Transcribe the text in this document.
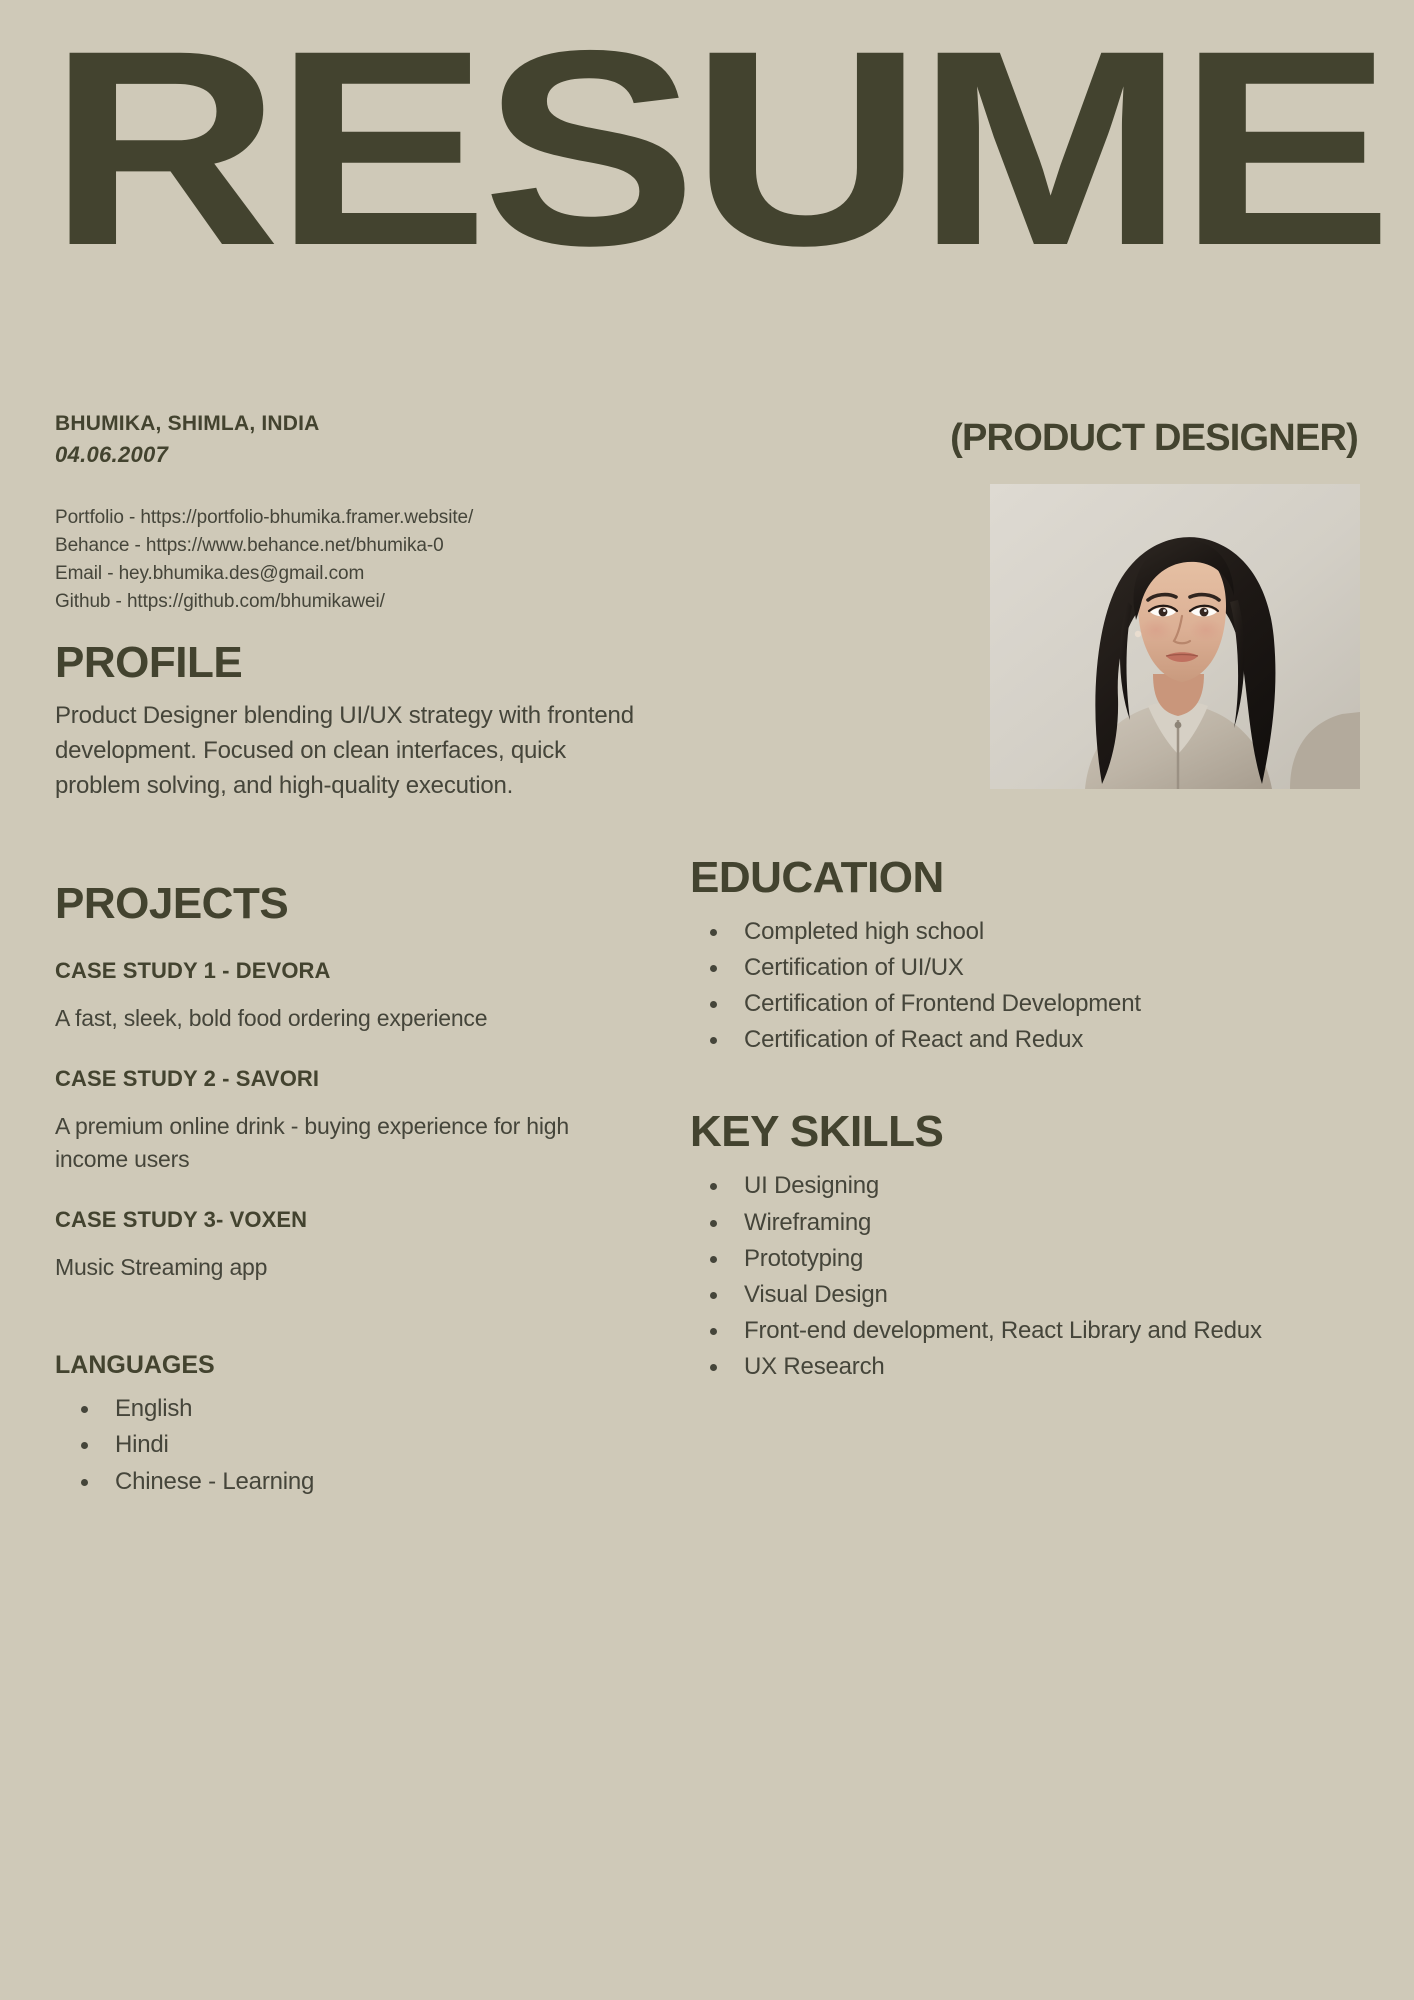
RESUME
BHUMIKA, SHIMLA, INDIA
04.06.2007
Portfolio - https://portfolio-bhumika.framer.website/
Behance - https://www.behance.net/bhumika-0
Email - hey.bhumika.des@gmail.com
Github - https://github.com/bhumikawei/
PROFILE
Product Designer blending UI/UX strategy with frontend development. Focused on clean interfaces, quick problem solving, and high-quality execution.
PROJECTS
CASE STUDY 1 - DEVORA
A fast, sleek, bold food ordering experience
CASE STUDY 2 - SAVORI
A premium online drink - buying experience for high income users
CASE STUDY 3- VOXEN
Music Streaming app
LANGUAGES
• English
• Hindi
• Chinese - Learning
(PRODUCT DESIGNER)
EDUCATION
• Completed high school
• Certification of UI/UX
• Certification of Frontend Development
• Certification of React and Redux
KEY SKILLS
• UI Designing
• Wireframing
• Prototyping
• Visual Design
• Front-end development, React Library and Redux
• UX Research
